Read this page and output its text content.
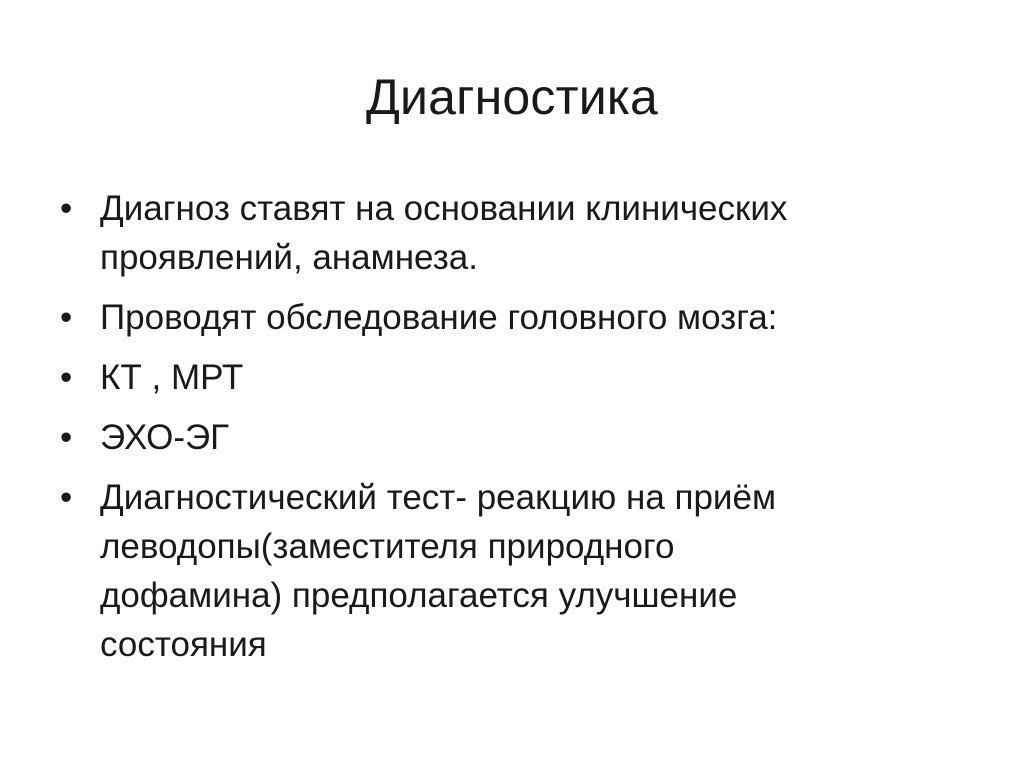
Диагностика
• Диагноз ставят на основании клинических
проявлений, анамнеза.
• Проводят обследование головного мозга:
• КТ , МРТ
• ЭХО-ЭГ
• Диагностический тест- реакцию на приём
леводопы(заместителя природного
дофамина) предполагается улучшение
состояния
